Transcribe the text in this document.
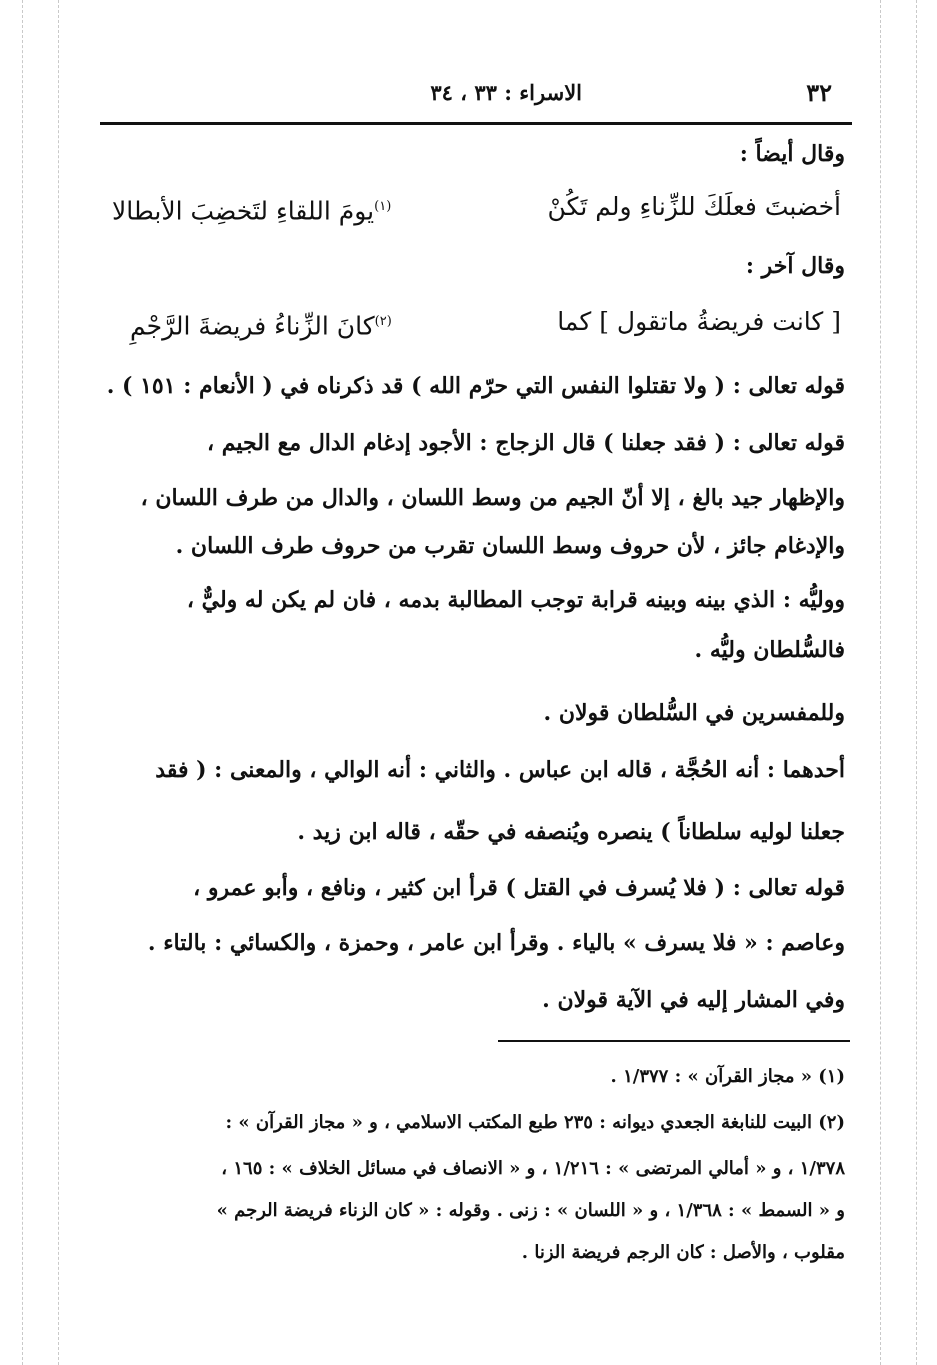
٣٢
الاسراء : ٣٣ ، ٣٤
وقال أيضاً :
أخضبتَ فعلَكَ للزِّناءِ ولم تَكُنْ
$^{(١)}$يومَ اللقاءِ لتَخضِبَ الأبطالا
وقال آخر :
[ كانت فريضةُ ماتقول ] كما
$^{(٢)}$كانَ الزِّناءُ فريضةَ الرَّجْمِ
قوله تعالى : ( ولا تقتلوا النفس التي حرّم الله ) قد ذكرناه في ( الأنعام : ١٥١ ) .
قوله تعالى : ( فقد جعلنا ) قال الزجاج : الأجود إدغام الدال مع الجيم ،
والإظهار جيد بالغ ، إلا أنّ الجيم من وسط اللسان ، والدال من طرف اللسان ،
والإدغام جائز ، لأن حروف وسط اللسان تقرب من حروف طرف اللسان .
ووليُّه : الذي بينه وبينه قرابة توجب المطالبة بدمه ، فان لم يكن له وليٌّ ،
فالسُّلطان وليُّه .
وللمفسرين في السُّلطان قولان .
أحدهما : أنه الحُجَّة ، قاله ابن عباس . والثاني : أنه الوالي ، والمعنى : ( فقد
جعلنا لوليه سلطاناً ) ينصره ويُنصفه في حقّه ، قاله ابن زيد .
قوله تعالى : ( فلا يُسرف في القتل ) قرأ ابن كثير ، ونافع ، وأبو عمرو ،
وعاصم : « فلا يسرف » بالياء . وقرأ ابن عامر ، وحمزة ، والكسائي : بالتاء .
وفي المشار إليه في الآية قولان .
(١) « مجاز القرآن » : ١/٣٧٧ .
(٢) البيت للنابغة الجعدي ديوانه : ٢٣٥ طبع المكتب الاسلامي ، و « مجاز القرآن » :
١/٣٧٨ ، و « أمالي المرتضى » : ١/٢١٦ ، و « الانصاف في مسائل الخلاف » : ١٦٥ ،
و « السمط » : ١/٣٦٨ ، و « اللسان » : زنى . وقوله : « كان الزناء فريضة الرجم »
مقلوب ، والأصل : كان الرجم فريضة الزنا .
